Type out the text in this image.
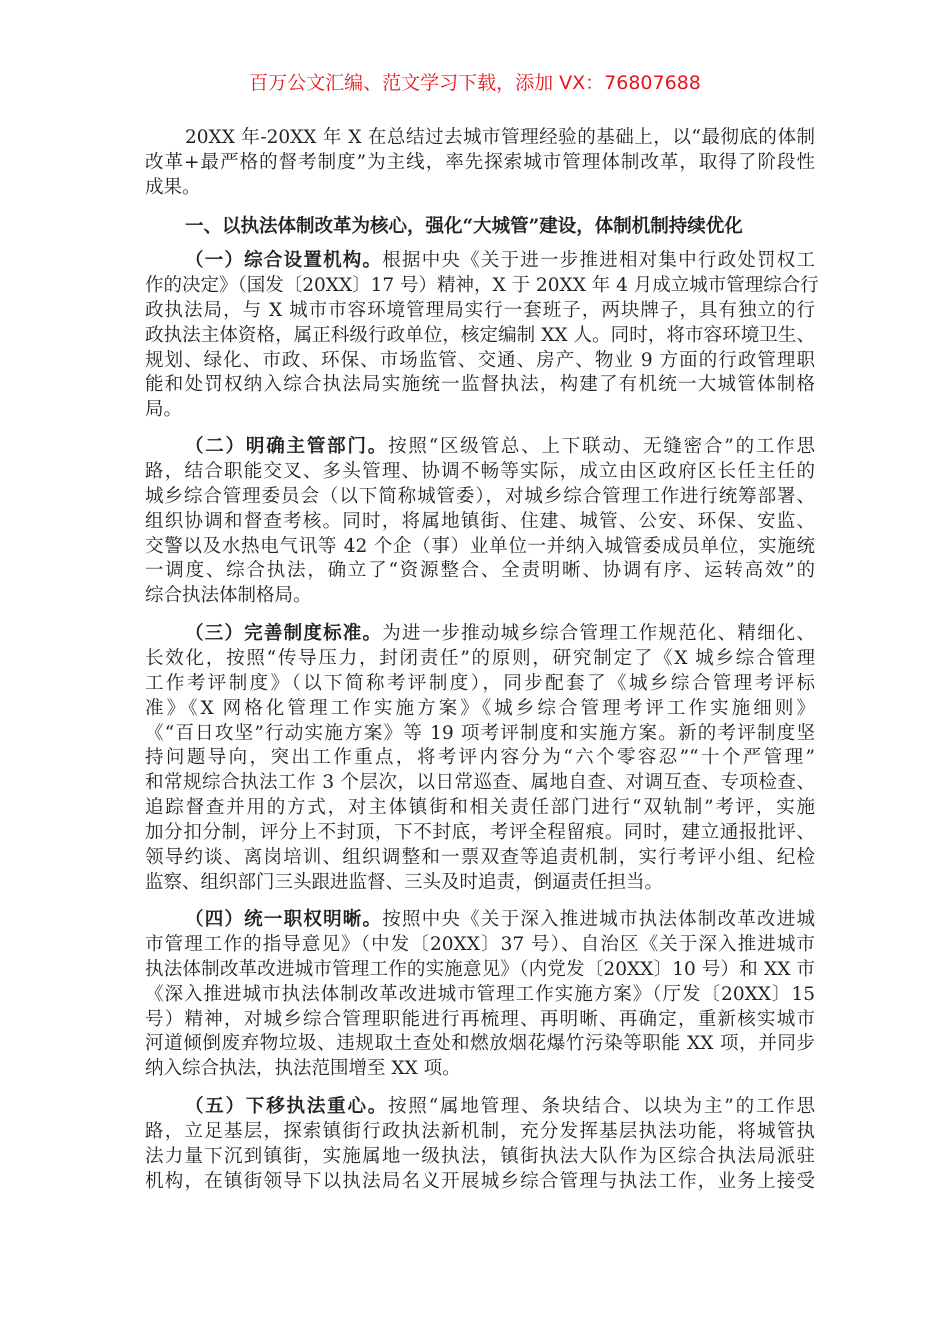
百万公文汇编、范文学习下载，添加 VX：76807688
20XX 年-20XX 年 X 在总结过去城市管理经验的基础上，以“最彻底的体制
改革+最严格的督考制度”为主线，率先探索城市管理体制改革，取得了阶段性
成果。
一、以执法体制改革为核心，强化“大城管”建设，体制机制持续优化
（一）综合设置机构。根据中央《关于进一步推进相对集中行政处罚权工
作的决定》（国发〔20XX〕17 号）精神，X 于 20XX 年 4 月成立城市管理综合行
政执法局，与 X 城市市容环境管理局实行一套班子，两块牌子，具有独立的行
政执法主体资格，属正科级行政单位，核定编制 XX 人。同时，将市容环境卫生、
规划、绿化、市政、环保、市场监管、交通、房产、物业 9 方面的行政管理职
能和处罚权纳入综合执法局实施统一监督执法，构建了有机统一大城管体制格
局。
（二）明确主管部门。按照“区级管总、上下联动、无缝密合”的工作思
路，结合职能交叉、多头管理、协调不畅等实际，成立由区政府区长任主任的
城乡综合管理委员会（以下简称城管委），对城乡综合管理工作进行统筹部署、
组织协调和督查考核。同时，将属地镇街、住建、城管、公安、环保、安监、
交警以及水热电气讯等 42 个企（事）业单位一并纳入城管委成员单位，实施统
一调度、综合执法，确立了“资源整合、全责明晰、协调有序、运转高效”的
综合执法体制格局。
（三）完善制度标准。为进一步推动城乡综合管理工作规范化、精细化、
长效化，按照“传导压力，封闭责任”的原则，研究制定了《X 城乡综合管理
工作考评制度》（以下简称考评制度），同步配套了《城乡综合管理考评标
准》《X 网格化管理工作实施方案》《城乡综合管理考评工作实施细则》
《“百日攻坚”行动实施方案》等 19 项考评制度和实施方案。新的考评制度坚
持问题导向，突出工作重点，将考评内容分为“六个零容忍”“十个严管理”
和常规综合执法工作 3 个层次，以日常巡查、属地自查、对调互查、专项检查、
追踪督查并用的方式，对主体镇街和相关责任部门进行“双轨制”考评，实施
加分扣分制，评分上不封顶，下不封底，考评全程留痕。同时，建立通报批评、
领导约谈、离岗培训、组织调整和一票双查等追责机制，实行考评小组、纪检
监察、组织部门三头跟进监督、三头及时追责，倒逼责任担当。
（四）统一职权明晰。按照中央《关于深入推进城市执法体制改革改进城
市管理工作的指导意见》（中发〔20XX〕37 号）、自治区《关于深入推进城市
执法体制改革改进城市管理工作的实施意见》（内党发〔20XX〕10 号）和 XX 市
《深入推进城市执法体制改革改进城市管理工作实施方案》（厅发〔20XX〕15
号）精神，对城乡综合管理职能进行再梳理、再明晰、再确定，重新核实城市
河道倾倒废弃物垃圾、违规取土查处和燃放烟花爆竹污染等职能 XX 项，并同步
纳入综合执法，执法范围增至 XX 项。
（五）下移执法重心。按照“属地管理、条块结合、以块为主”的工作思
路，立足基层，探索镇街行政执法新机制，充分发挥基层执法功能，将城管执
法力量下沉到镇街，实施属地一级执法，镇街执法大队作为区综合执法局派驻
机构，在镇街领导下以执法局名义开展城乡综合管理与执法工作，业务上接受
